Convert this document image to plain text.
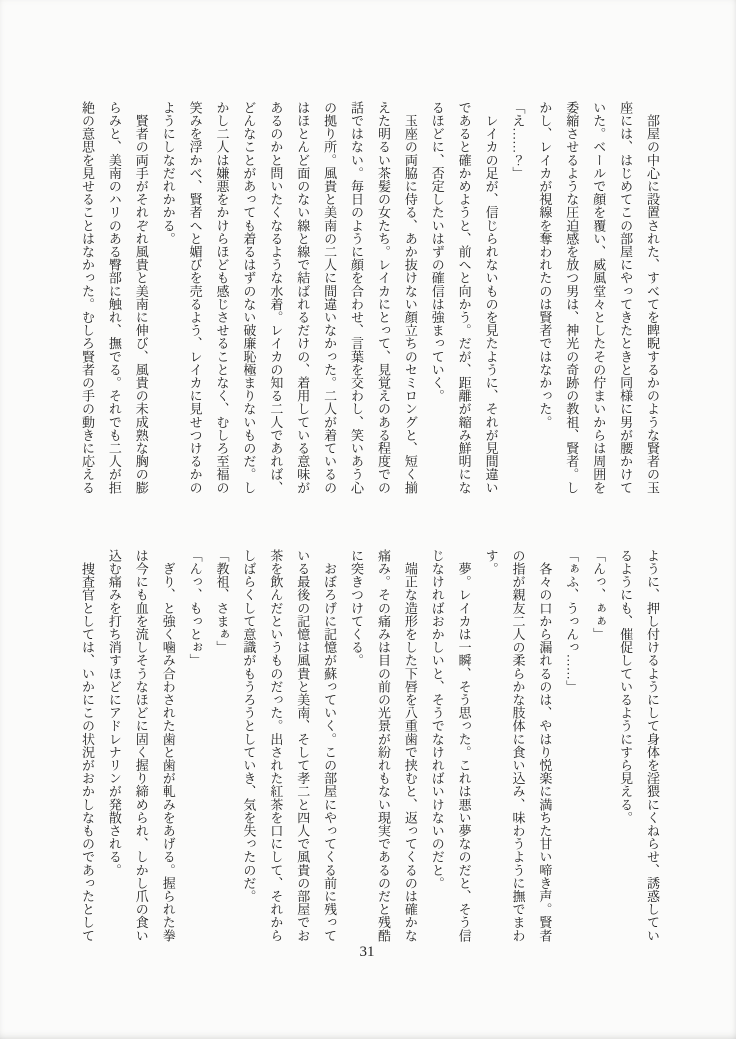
　部屋の中心に設置された、すべてを睥睨するかのような賢者の玉
座には、はじめてこの部屋にやってきたときと同様に男が腰かけて
いた。ベールで顔を覆い、威風堂々としたその佇まいからは周囲を
委縮させるような圧迫感を放つ男は、神光の奇跡の教祖、賢者。し
かし、レイカが視線を奪われたのは賢者ではなかった。
「え……？」
　レイカの足が、信じられないものを見たように、それが見間違い
であると確かめようと、前へと向かう。だが、距離が縮み鮮明にな
るほどに、否定したいはずの確信は強まっていく。
　玉座の両脇に侍る、あか抜けない顔立ちのセミロングと、短く揃
えた明るい茶髪の女たち。レイカにとって、見覚えのある程度での
話ではない。毎日のように顔を合わせ、言葉を交わし、笑いあう心
の拠り所。風貴と美南の二人に間違いなかった。二人が着ているの
はほとんど面のない線と線で結ばれるだけの、着用している意味が
あるのかと問いたくなるような水着。レイカの知る二人であれば、
どんなことがあっても着るはずのない破廉恥極まりないものだ。し
かし二人は嫌悪をかけらほども感じさせることなく、むしろ至福の
笑みを浮かべ、賢者へと媚びを売るよう、レイカに見せつけるかの
ようにしなだれかかる。
　賢者の両手がそれぞれ風貴と美南に伸び、風貴の未成熟な胸の膨
らみと、美南のハリのある臀部に触れ、撫でる。それでも二人が拒
絶の意思を見せることはなかった。むしろ賢者の手の動きに応える
ように、押し付けるようにして身体を淫猥にくねらせ、誘惑してい
るようにも、催促しているようにすら見える。
「んっ、ぁぁ」
「ぁふ、うっんっ……」
　各々の口から漏れるのは、やはり悦楽に満ちた甘い啼き声。賢者
の指が親友二人の柔らかな肢体に食い込み、味わうように撫でまわ
す。
　夢。レイカは一瞬、そう思った。これは悪い夢なのだと、そう信
じなければおかしいと、そうでなければいけないのだと。
　端正な造形をした下唇を八重歯で挟むと、返ってくるのは確かな
痛み。その痛みは目の前の光景が紛れもない現実であるのだと残酷
に突きつけてくる。
　おぼろげに記憶が蘇っていく。この部屋にやってくる前に残って
いる最後の記憶は風貴と美南、そして孝二と四人で風貴の部屋でお
茶を飲んだというものだった。出された紅茶を口にして、それから
しばらくして意識がもうろうとしていき、気を失ったのだ。
「教祖、さまぁ」
「んっ、もっとぉ」
　ぎり、と強く噛み合わされた歯と歯が軋みをあげる。握られた拳
は今にも血を流しそうなほどに固く握り締められ、しかし爪の食い
込む痛みを打ち消すほどにアドレナリンが発散される。
　捜査官としては、いかにこの状況がおかしなものであったとして
31
